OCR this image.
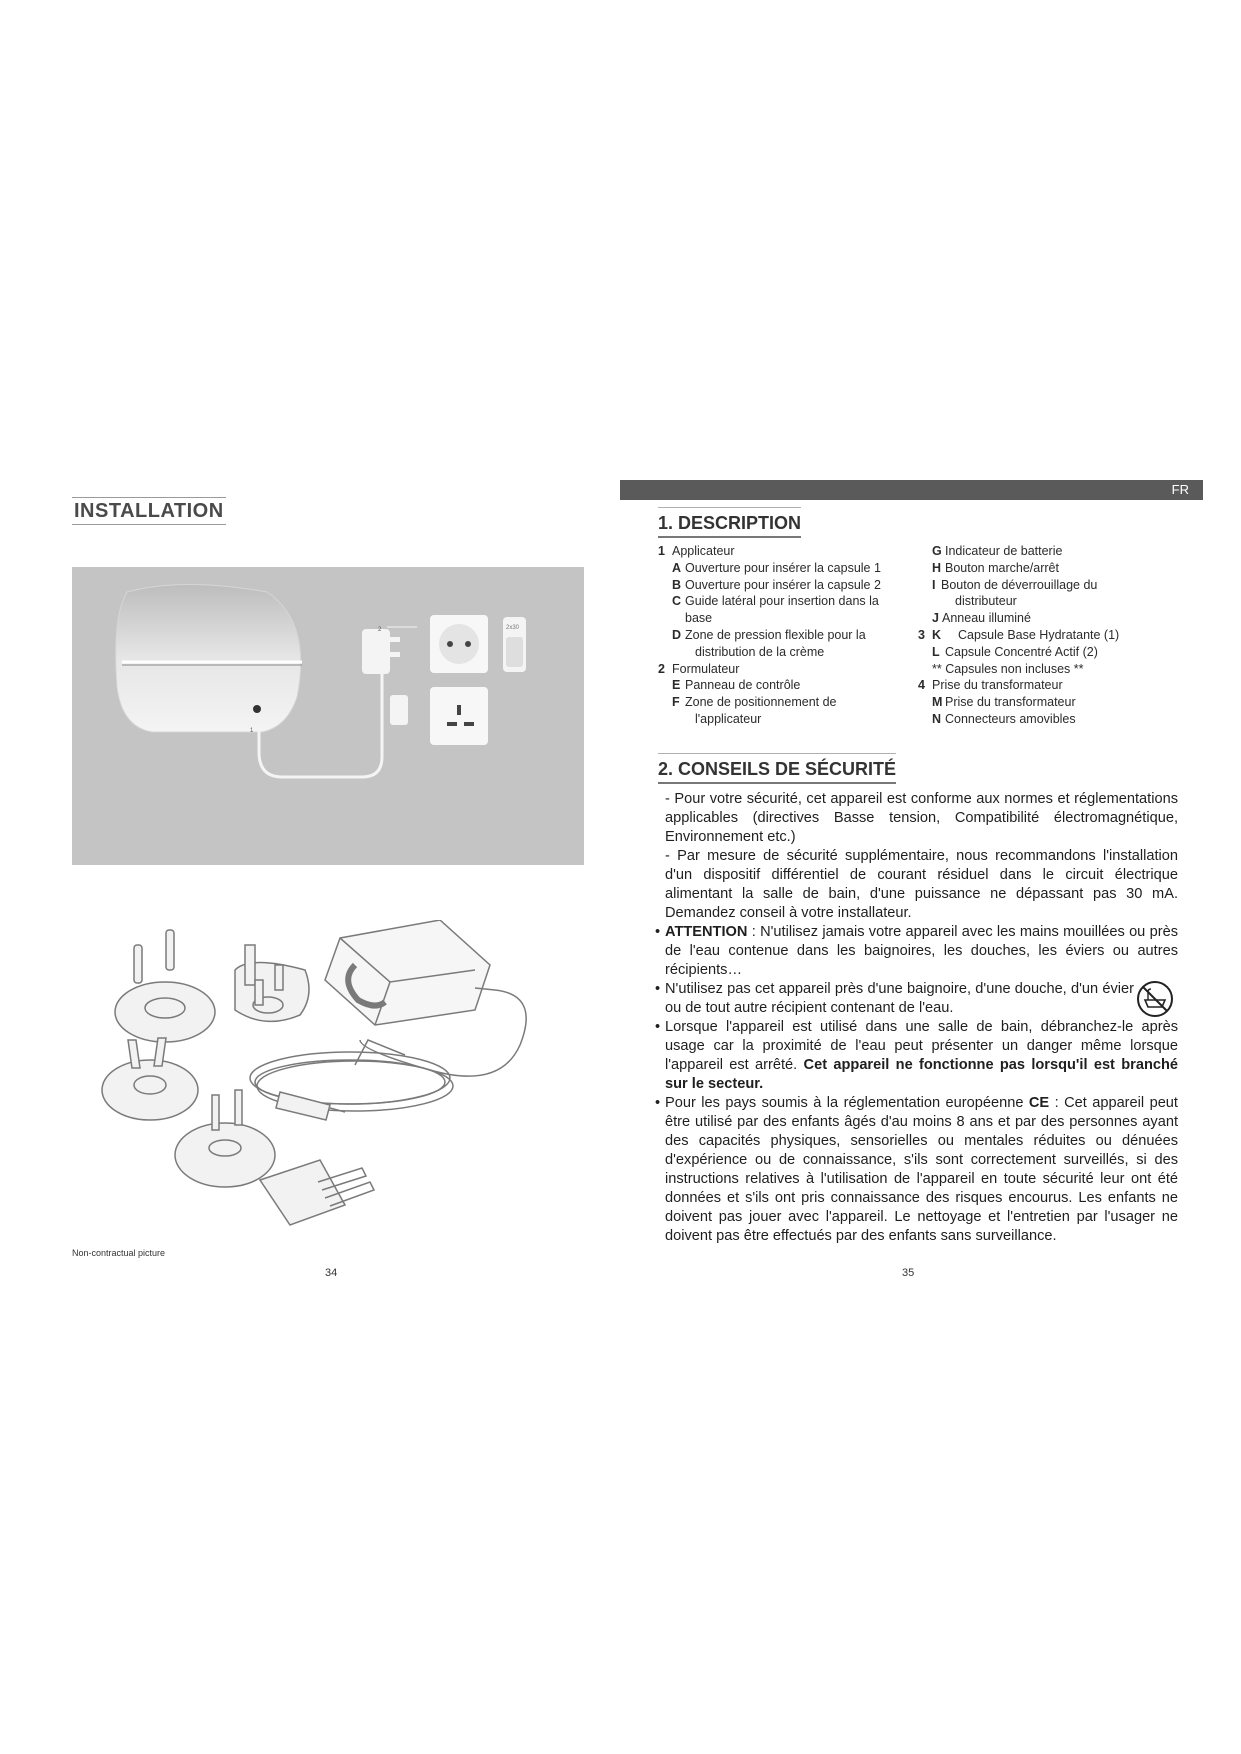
INSTALLATION
2	2x30
1
Non-contractual picture
34
FR
1. DESCRIPTION
1 Applicateur
A Ouverture pour insérer la capsule 1
B Ouverture pour insérer la capsule 2
C Guide latéral pour insertion dans la
base
D Zone de pression flexible pour la
distribution de la crème
2 Formulateur
E Panneau de contrôle
F Zone de positionnement de
l'applicateur
G Indicateur de batterie
H Bouton marche/arrêt
I Bouton de déverrouillage du
distributeur
J Anneau illuminé
3 K	Capsule Base Hydratante (1)
L Capsule Concentré Actif (2)
** Capsules non incluses **
4 Prise du transformateur
M Prise du transformateur
N Connecteurs amovibles
2. CONSEILS DE SÉCURITÉ

- Pour votre sécurité, cet appareil est conforme aux normes et réglementations applicables (directives Basse tension, Compatibilité électromagnétique, Environnement etc.)

- Par mesure de sécurité supplémentaire, nous recommandons l'installation d'un dispositif différentiel de courant résiduel dans le circuit électrique alimentant la salle de bain, d'une puissance ne dépassant pas 30 mA. Demandez conseil à votre installateur.

• ATTENTION : N'utilisez jamais votre appareil avec les mains mouillées ou près de l'eau contenue dans les baignoires, les douches, les éviers ou autres récipients…

• N'utilisez pas cet appareil près d'une baignoire, d'une douche, d'un évier ou de tout autre récipient contenant de l'eau.

• Lorsque l'appareil est utilisé dans une salle de bain, débranchez-le après usage car la proximité de l'eau peut présenter un danger même lorsque l'appareil est arrêté. Cet appareil ne fonctionne pas lorsqu'il est branché sur le secteur.

• Pour les pays soumis à la réglementation européenne CE : Cet appareil peut être utilisé par des enfants âgés d'au moins 8 ans et par des personnes ayant des capacités physiques, sensorielles ou mentales réduites ou dénuées d'expérience ou de connaissance, s'ils sont correctement surveillés, si des instructions relatives à l'utilisation de l'appareil en toute sécurité leur ont été données et s'ils ont pris connaissance des risques encourus. Les enfants ne doivent pas jouer avec l'appareil. Le nettoyage et l'entretien par l'usager ne doivent pas être effectués par des enfants sans surveillance.

35
